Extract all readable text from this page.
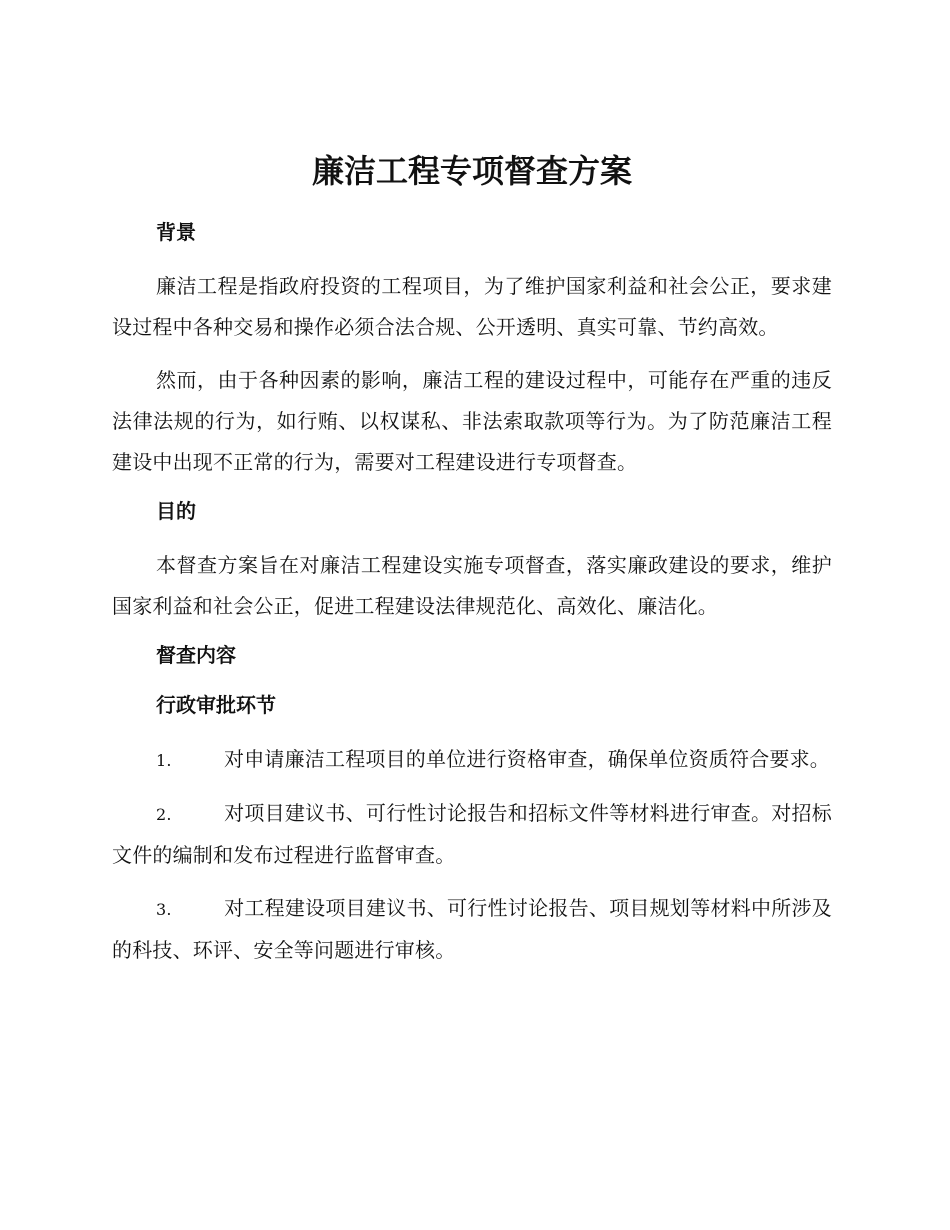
廉洁工程专项督查方案
背景

廉洁工程是指政府投资的工程项目，为了维护国家利益和社会公正，要求建设过程中各种交易和操作必须合法合规、公开透明、真实可靠、节约高效。

然而，由于各种因素的影响，廉洁工程的建设过程中，可能存在严重的违反法律法规的行为，如行贿、以权谋私、非法索取款项等行为。为了防范廉洁工程建设中出现不正常的行为，需要对工程建设进行专项督查。

目的

本督查方案旨在对廉洁工程建设实施专项督查，落实廉政建设的要求，维护国家利益和社会公正，促进工程建设法律规范化、高效化、廉洁化。

督查内容
行政审批环节

1.	对申请廉洁工程项目的单位进行资格审查，确保单位资质符合要求。

2.	对项目建议书、可行性讨论报告和招标文件等材料进行审查。对招标文件的编制和发布过程进行监督审查。

3.	对工程建设项目建议书、可行性讨论报告、项目规划等材料中所涉及的科技、环评、安全等问题进行审核。
